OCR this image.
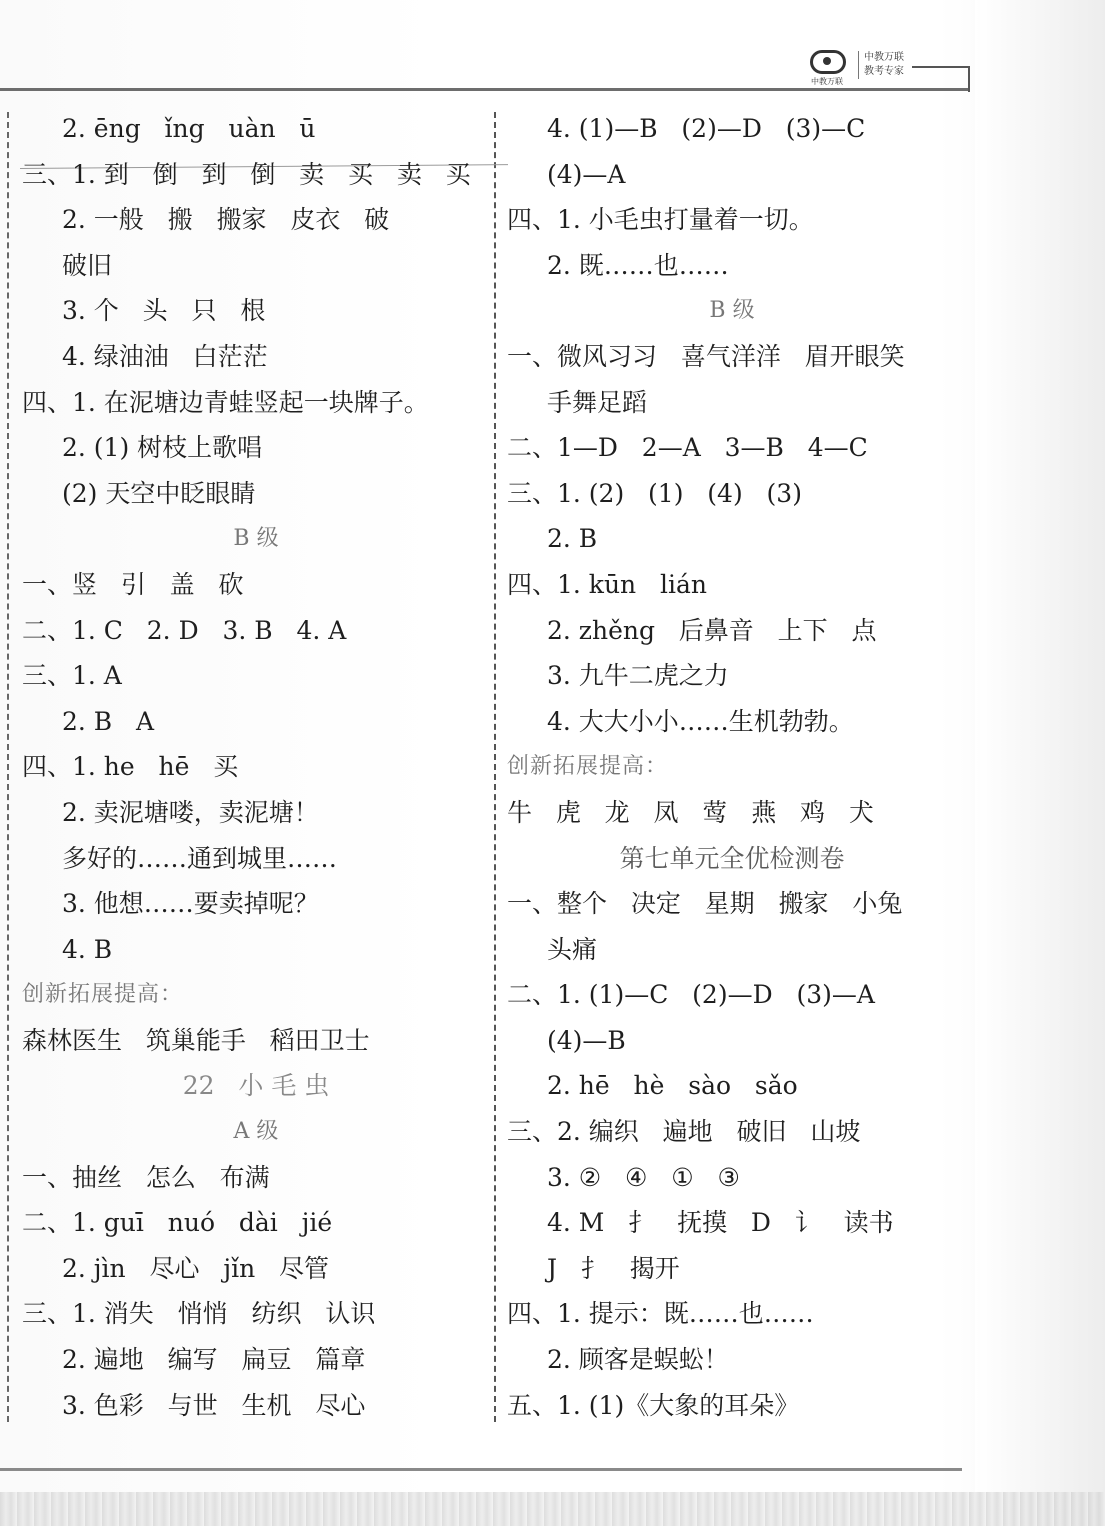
中教万联
中教万联
教考专家
2. ēng   ǐng   uàn   ū
三、1. 到   倒   到   倒   卖   买   卖   买
2. 一般   搬   搬家   皮衣   破
破旧
3. 个   头   只   根
4. 绿油油   白茫茫
四、1. 在泥塘边青蛙竖起一块牌子。
2. (1) 树枝上歌唱
(2) 天空中眨眼睛
B 级
一、竖   引   盖   砍
二、1. C   2. D   3. B   4. A
三、1. A
2. B   A
四、1. he   hē   买
2. 卖泥塘喽，卖泥塘！
多好的……通到城里……
3. 他想……要卖掉呢？
4. B
创新拓展提高：
森林医生   筑巢能手   稻田卫士
22   小 毛 虫
A 级
一、抽丝   怎么   布满
二、1. guī   nuó   dài   jié
2. jìn   尽心   jǐn   尽管
三、1. 消失   悄悄   纺织   认识
2. 遍地   编写   扁豆   篇章
3. 色彩   与世   生机   尽心
4. (1)—B   (2)—D   (3)—C
(4)—A
四、1. 小毛虫打量着一切。
2. 既……也……
B 级
一、微风习习   喜气洋洋   眉开眼笑
手舞足蹈
二、1—D   2—A   3—B   4—C
三、1. (2)   (1)   (4)   (3)
2. B
四、1. kūn   lián
2. zhěng   后鼻音   上下   点
3. 九牛二虎之力
4. 大大小小……生机勃勃。
创新拓展提高：
牛   虎   龙   凤   莺   燕   鸡   犬
第七单元全优检测卷
一、整个   决定   星期   搬家   小兔
头痛
二、1. (1)—C   (2)—D   (3)—A
(4)—B
2. hē   hè   sào   sǎo
三、2. 编织   遍地   破旧   山坡
3. ②   ④   ①   ③
4. M   扌   抚摸   D   讠   读书
J   扌   揭开
四、1. 提示：既……也……
2. 顾客是蜈蚣！
五、1. (1)《大象的耳朵》
